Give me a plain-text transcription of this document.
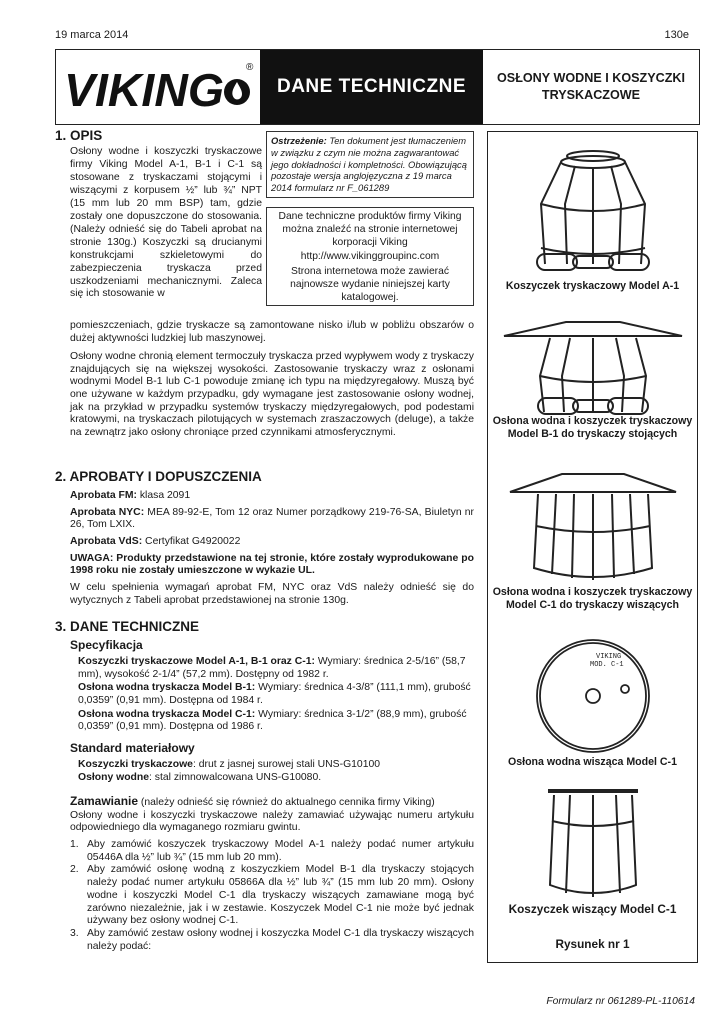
19 marca 2014	130e
VIKING ®
DANE TECHNICZNE	OSŁONY WODNE I KOSZYCZKI TRYSKACZOWE
Ostrzeżenie: Ten dokument jest tłumaczeniem w związku z czym nie można zagwarantować jego dokładności i kompletności. Obowiązującą pozostaje wersja anglojęzyczna z 19 marca 2014 formularz nr F_061289

Dane techniczne produktów firmy Viking można znaleźć na stronie internetowej korporacji Viking

http://www.vikinggroupinc.com

Strona internetowa może zawierać najnowsze wydanie niniejszej karty katalogowej.

1. OPIS

Osłony wodne i koszyczki tryskaczowe firmy Viking Model A-1, B-1 i C-1 są stosowane z tryskaczami stojącymi i wiszącymi z korpusem ½” lub ¾” NPT (15 mm lub 20 mm BSP) tam, gdzie zostały one dopuszczone do stosowania. (Należy odnieść się do Tabeli aprobat na stronie 130g.) Koszyczki są drucianymi konstrukcjami szkieletowymi do zabezpieczenia tryskacza przed uszkodzeniami mechanicznymi. Zaleca się ich stosowanie w

pomieszczeniach, gdzie tryskacze są zamontowane nisko i/lub w pobliżu obszarów o dużej aktywności ludzkiej lub maszynowej.

Osłony wodne chronią element termoczuły tryskacza przed wypływem wody z tryskaczy znajdujących się na większej wysokości. Zastosowanie tryskaczy wraz z osłonami wodnymi Model B-1 lub C-1 powoduje zmianę ich typu na międzyregałowy. Muszą być one używane w każdym przypadku, gdy wymagane jest zastosowanie osłony wodnej, jak na przykład w przypadku systemów tryskaczy międzyregałowych, pod podestami kratowymi, na tryskaczach pilotujących w systemach zraszaczowych (deluge), a także na zewnątrz jako osłony chroniące przed czynnikami atmosferycznymi.

2. APROBATY I DOPUSZCZENIA

Aprobata FM: klasa 2091

Aprobata NYC: MEA 89-92-E, Tom 12 oraz Numer porządkowy 219-76-SA, Biuletyn nr 26, Tom LXIX.

Aprobata VdS: Certyfikat G4920022

UWAGA: Produkty przedstawione na tej stronie, które zostały wyprodukowane po 1998 roku nie zostały umieszczone w wykazie UL.

W celu spełnienia wymagań aprobat FM, NYC oraz VdS należy odnieść się do wytycznych z Tabeli aprobat przedstawionej na stronie 130g.

3. DANE TECHNICZNE
Specyfikacja

Koszyczki tryskaczowe Model A-1, B-1 oraz C-1: Wymiary: średnica 2-5/16” (58,7 mm), wysokość 2-1/4” (57,2 mm). Dostępny od 1982 r.

Osłona wodna tryskacza Model B-1: Wymiary: średnica 4-3/8” (111,1 mm), grubość 0,0359” (0,91 mm). Dostępna od 1984 r.

Osłona wodna tryskacza Model C-1: Wymiary: średnica 3-1/2” (88,9 mm), grubość 0,0359” (0,91 mm). Dostępna od 1986 r.

Standard materiałowy

Koszyczki tryskaczowe: drut z jasnej surowej stali UNS-G10100

Osłony wodne: stal zimnowalcowana UNS-G10080.

Zamawianie (należy odnieść się również do aktualnego cennika firmy Viking)

Osłony wodne i koszyczki tryskaczowe należy zamawiać używając numeru artykułu odpowiedniego dla wymaganego rozmiaru gwintu.

1. Aby zamówić koszyczek tryskaczowy Model A-1 należy podać numer artykułu 05446A dla ½” lub ¾” (15 mm lub 20 mm).
2. Aby zamówić osłonę wodną z koszyczkiem Model B-1 dla tryskaczy stojących należy podać numer artykułu 05866A dla ½” lub ¾” (15 mm lub 20 mm). Osłony wodne i koszyczki Model C-1 dla tryskaczy wiszących zamawiane mogą być zarówno niezależnie, jak i w zestawie. Koszyczek Model C-1 nie może być jednak używany bez osłony wodnej C-1.
3. Aby zamówić zestaw osłony wodnej i koszyczka Model C-1 dla tryskaczy wiszących należy podać:
Koszyczek tryskaczowy Model A-1
Osłona wodna i koszyczek tryskaczowy Model B-1 do tryskaczy stojących
Osłona wodna i koszyczek tryskaczowy Model C-1 do tryskaczy wiszących
VIKING
MOD. C-1
Osłona wodna wisząca Model C-1
Koszyczek wiszący Model C-1
Rysunek nr 1
Formularz nr 061289-PL-110614
